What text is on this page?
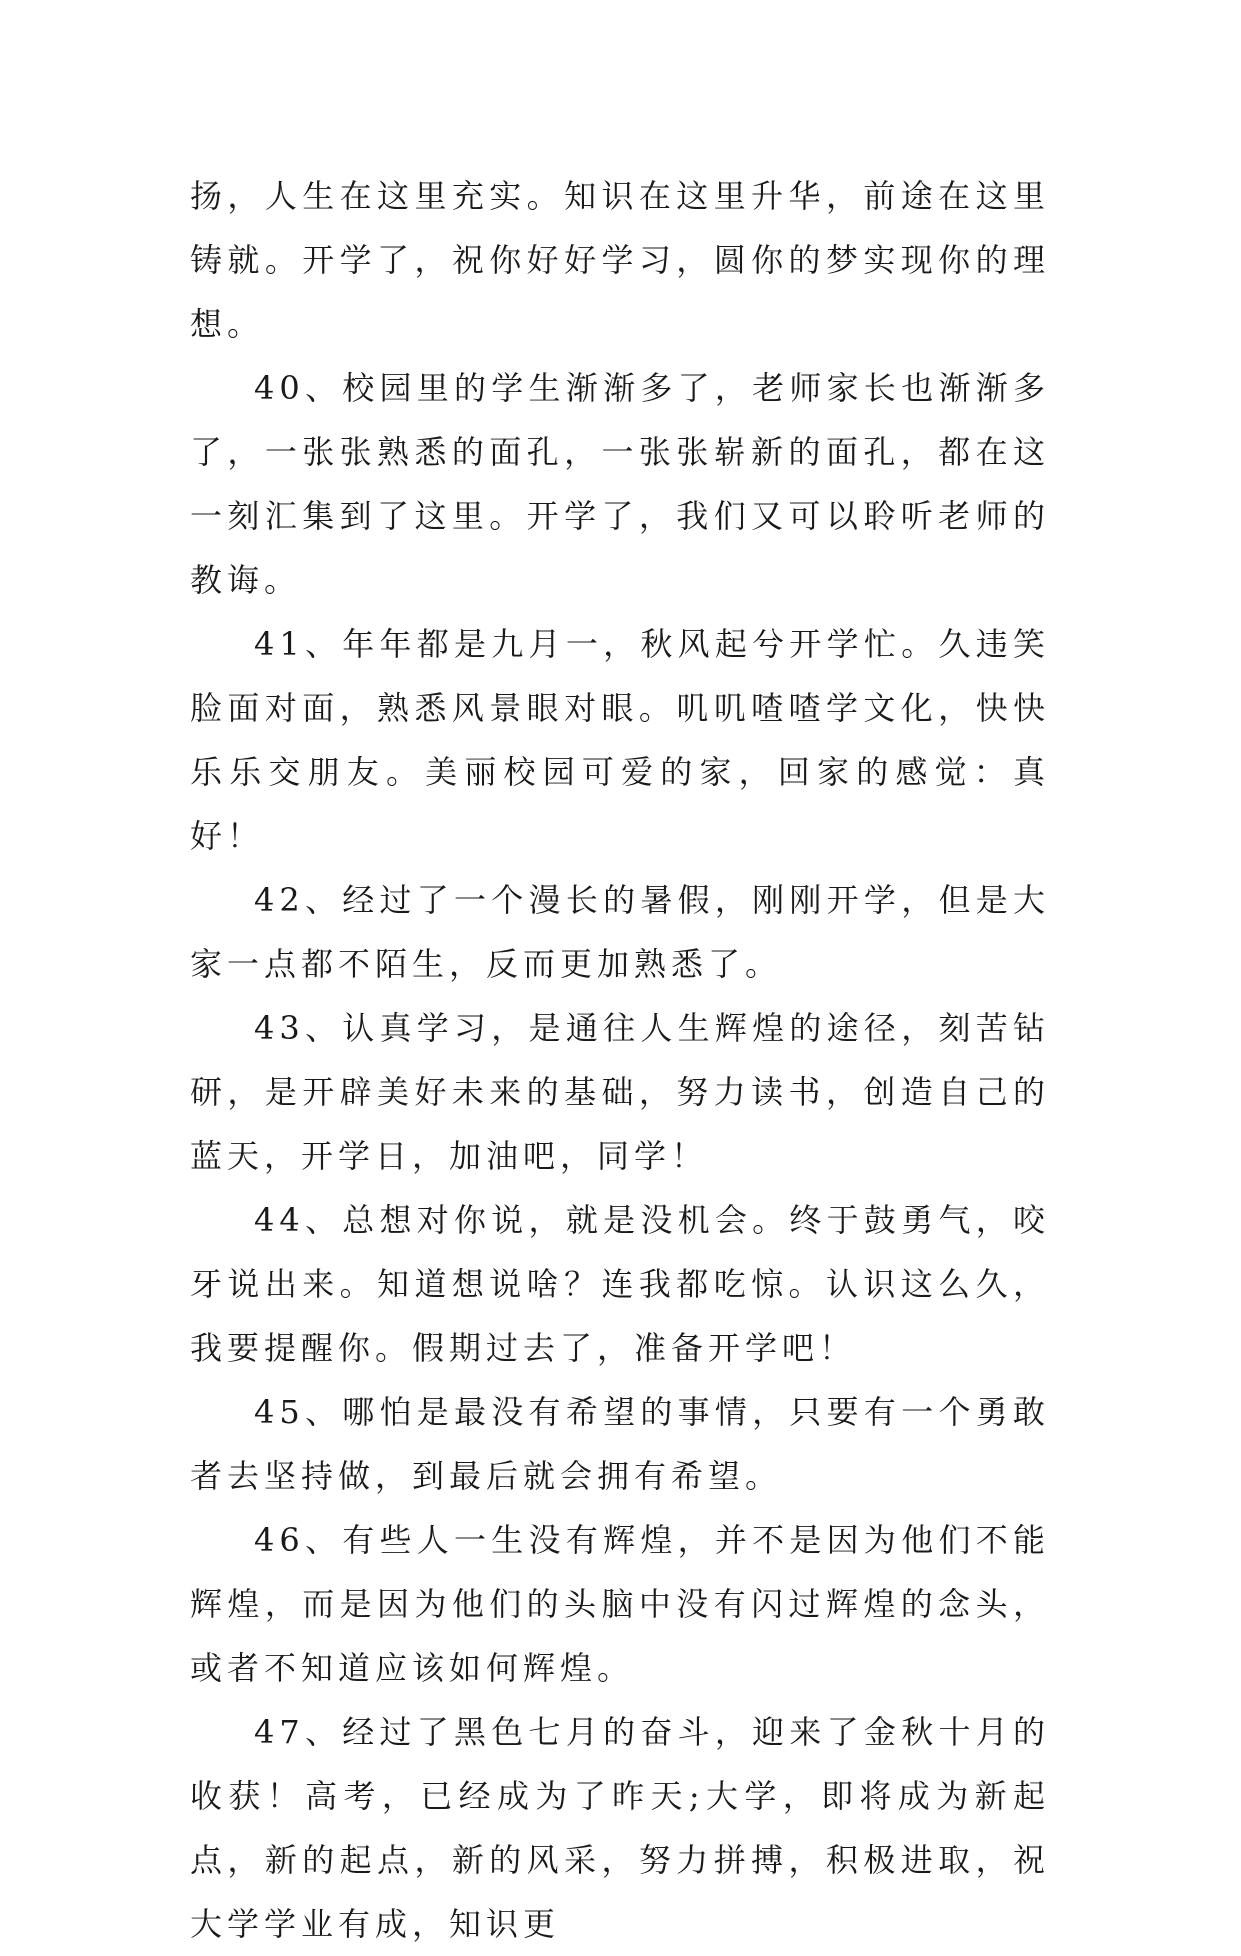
扬，人生在这里充实。知识在这里升华，前途在这里铸就。开学了，祝你好好学习，圆你的梦实现你的理想。

40、校园里的学生渐渐多了，老师家长也渐渐多了，一张张熟悉的面孔，一张张崭新的面孔，都在这一刻汇集到了这里。开学了，我们又可以聆听老师的教诲。

41、年年都是九月一，秋风起兮开学忙。久违笑脸面对面，熟悉风景眼对眼。叽叽喳喳学文化，快快乐乐交朋友。美丽校园可爱的家，回家的感觉：真好！

42、经过了一个漫长的暑假，刚刚开学，但是大家一点都不陌生，反而更加熟悉了。

43、认真学习，是通往人生辉煌的途径，刻苦钻研，是开辟美好未来的基础，努力读书，创造自己的蓝天，开学日，加油吧，同学！

44、总想对你说，就是没机会。终于鼓勇气，咬牙说出来。知道想说啥？连我都吃惊。认识这么久，我要提醒你。假期过去了，准备开学吧！

45、哪怕是最没有希望的事情，只要有一个勇敢者去坚持做，到最后就会拥有希望。

46、有些人一生没有辉煌，并不是因为他们不能辉煌，而是因为他们的头脑中没有闪过辉煌的念头，或者不知道应该如何辉煌。

47、经过了黑色七月的奋斗，迎来了金秋十月的收获！高考，已经成为了昨天;大学，即将成为新起点，新的起点，新的风采，努力拼搏，积极进取，祝大学学业有成，知识更
